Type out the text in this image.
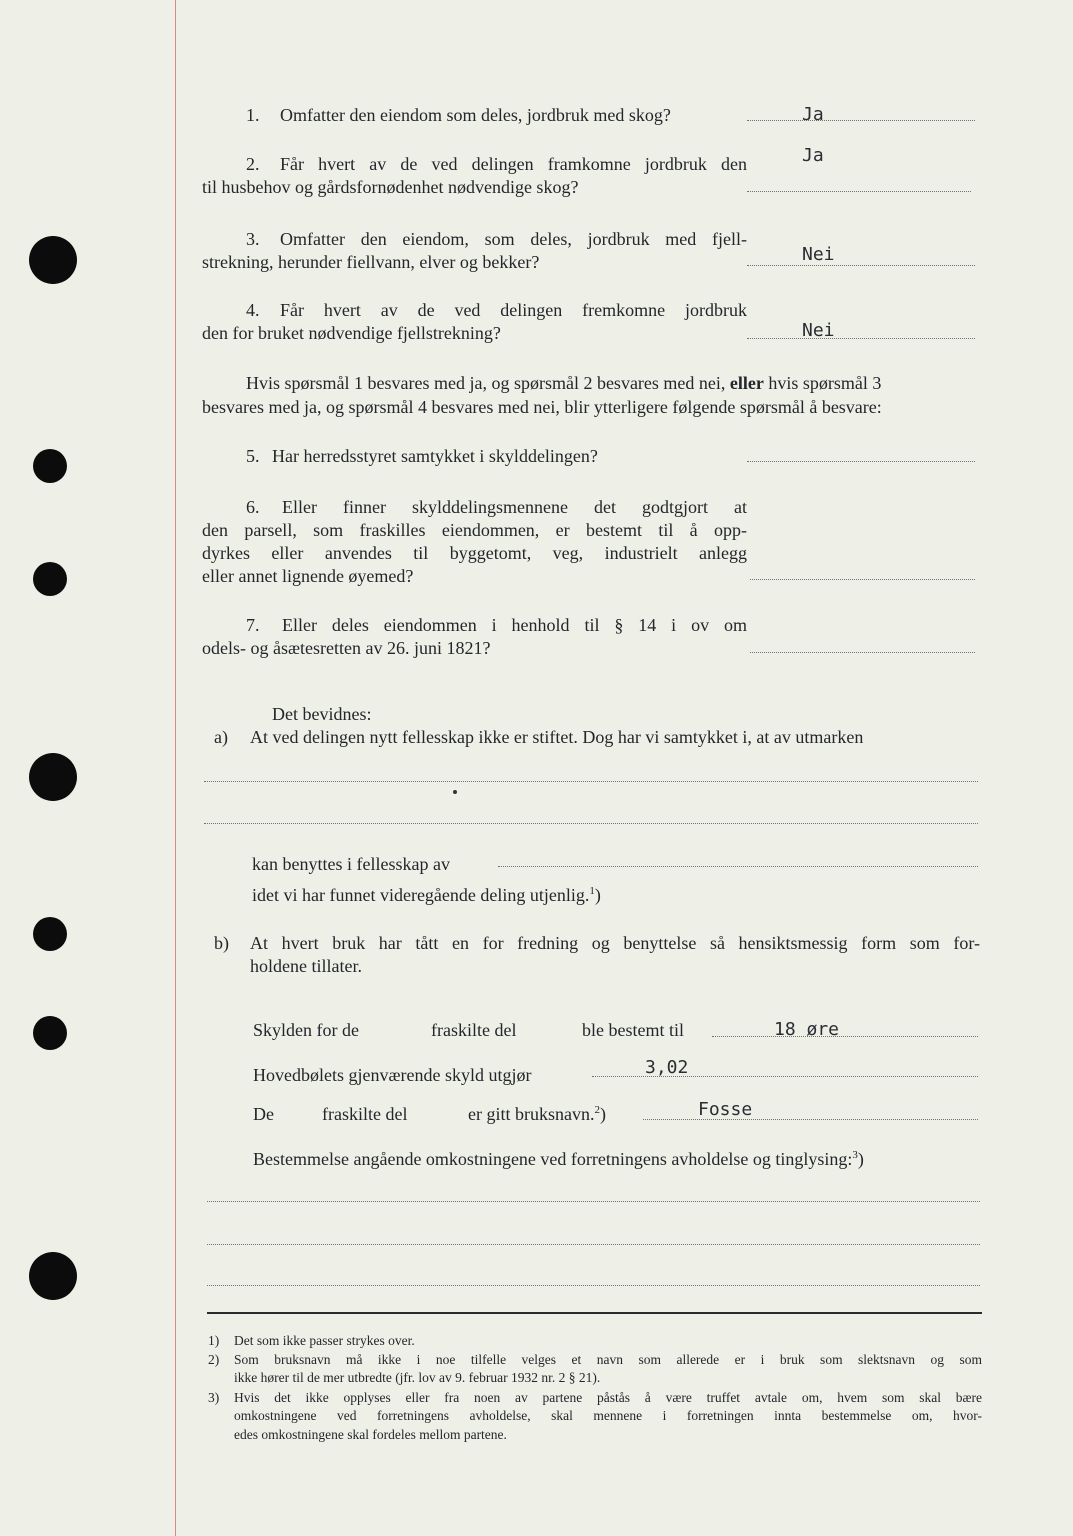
1. Omfatter den eiendom som deles, jordbruk med skog?	Ja
2. Får hvert av de ved delingen framkomne jordbruk den
til husbehov og gårdsfornødenhet nødvendige skog?
Ja
3. Omfatter den eiendom, som deles, jordbruk med fjell-
strekning, herunder fiellvann, elver og bekker?	Nei
4. Får hvert av de ved delingen fremkomne jordbruk
den for bruket nødvendige fjellstrekning?	Nei
Hvis spørsmål 1 besvares med ja, og spørsmål 2 besvares med nei, eller hvis spørsmål 3
besvares med ja, og spørsmål 4 besvares med nei, blir ytterligere følgende spørsmål å besvare:
5. Har herredsstyret samtykket i skylddelingen?
6. Eller finner skylddelingsmennene det godtgjort at
den parsell, som fraskilles eiendommen, er bestemt til å opp-
dyrkes eller anvendes til byggetomt, veg, industrielt anlegg
eller annet lignende øyemed?
7. Eller deles eiendommen i henhold til § 14 i ov om
odels- og åsætesretten av 26. juni 1821?
Det bevidnes:
a) At ved delingen nytt fellesskap ikke er stiftet. Dog har vi samtykket i, at av utmarken
kan benyttes i fellesskap av
idet vi har funnet videregående deling utjenlig.$^1$)
b) At hvert bruk har tått en for fredning og benyttelse så hensiktsmessig form som for-
holdene tillater.
Skylden for de	fraskilte del	ble bestemt til	18 øre
Hovedbølets gjenværende skyld utgjør	3,02
De	fraskilte del	er gitt bruksnavn.$^2$)	Fosse
Bestemmelse angående omkostningene ved forretningens avholdelse og tinglysing:$^3$)
1) Det som ikke passer strykes over.
2) Som bruksnavn må ikke i noe tilfelle velges et navn som allerede er i bruk som slektsnavn og som
ikke hører til de mer utbredte (jfr. lov av 9. februar 1932 nr. 2 § 21).
3) Hvis det ikke opplyses eller fra noen av partene påstås å være truffet avtale om, hvem som skal bære
omkostningene ved forretningens avholdelse, skal mennene i forretningen innta bestemmelse om, hvor-
edes omkostningene skal fordeles mellom partene.
